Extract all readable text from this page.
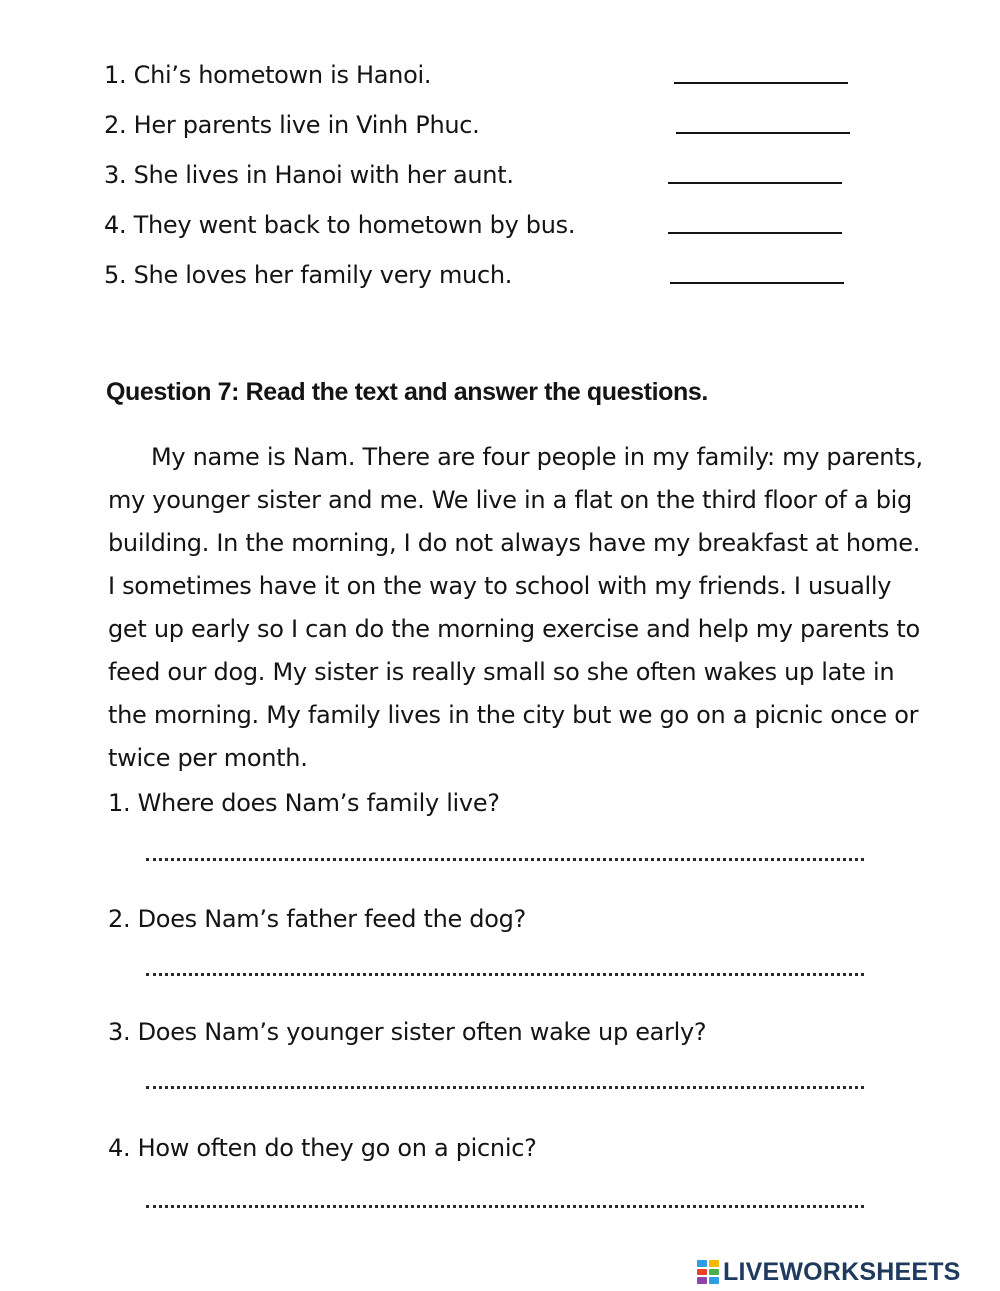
1. Chi’s hometown is Hanoi.
2. Her parents live in Vinh Phuc.
3. She lives in Hanoi with her aunt.
4. They went back to hometown by bus.
5. She loves her family very much.
Question 7: Read the text and answer the questions.
My name is Nam. There are four people in my family: my parents,
my younger sister and me. We live in a flat on the third floor of a big
building. In the morning, I do not always have my breakfast at home.
I sometimes have it on the way to school with my friends. I usually
get up early so I can do the morning exercise and help my parents to
feed our dog. My sister is really small so she often wakes up late in
the morning. My family lives in the city but we go on a picnic once or
twice per month.
1. Where does Nam’s family live?
2. Does Nam’s father feed the dog?
3. Does Nam’s younger sister often wake up early?
4. How often do they go on a picnic?
LIVEWORKSHEETS
